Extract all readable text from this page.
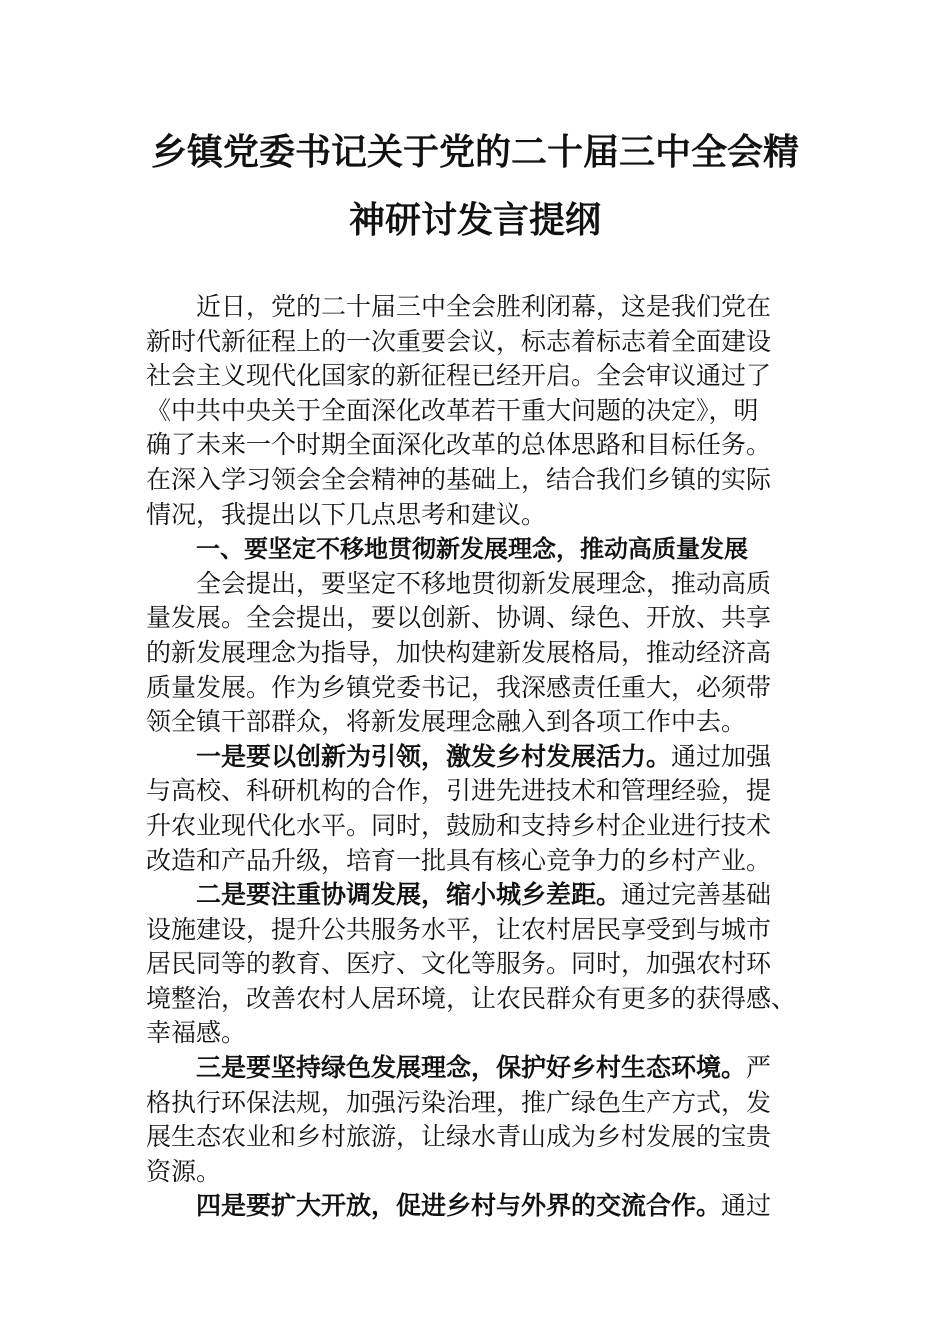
乡镇党委书记关于党的二十届三中全会精
神研讨发言提纲
近日，党的二十届三中全会胜利闭幕，这是我们党在
新时代新征程上的一次重要会议，标志着标志着全面建设
社会主义现代化国家的新征程已经开启。全会审议通过了
《中共中央关于全面深化改革若干重大问题的决定》，明
确了未来一个时期全面深化改革的总体思路和目标任务。
在深入学习领会全会精神的基础上，结合我们乡镇的实际
情况，我提出以下几点思考和建议。
一、要坚定不移地贯彻新发展理念，推动高质量发展
全会提出，要坚定不移地贯彻新发展理念，推动高质
量发展。全会提出，要以创新、协调、绿色、开放、共享
的新发展理念为指导，加快构建新发展格局，推动经济高
质量发展。作为乡镇党委书记，我深感责任重大，必须带
领全镇干部群众，将新发展理念融入到各项工作中去。
一是要以创新为引领，激发乡村发展活力。通过加强
与高校、科研机构的合作，引进先进技术和管理经验，提
升农业现代化水平。同时，鼓励和支持乡村企业进行技术
改造和产品升级，培育一批具有核心竞争力的乡村产业。
二是要注重协调发展，缩小城乡差距。通过完善基础
设施建设，提升公共服务水平，让农村居民享受到与城市
居民同等的教育、医疗、文化等服务。同时，加强农村环
境整治，改善农村人居环境，让农民群众有更多的获得感、
幸福感。
三是要坚持绿色发展理念，保护好乡村生态环境。严
格执行环保法规，加强污染治理，推广绿色生产方式，发
展生态农业和乡村旅游，让绿水青山成为乡村发展的宝贵
资源。
四是要扩大开放，促进乡村与外界的交流合作。通过
